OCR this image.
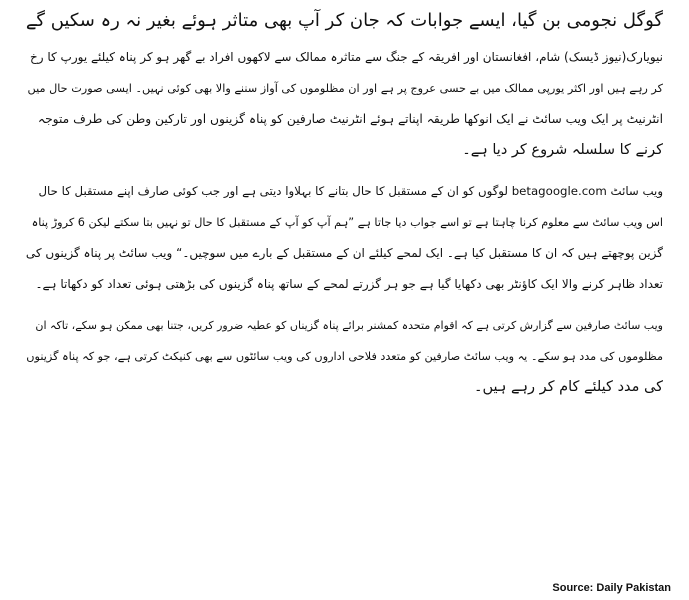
گوگل نجومی بن گیا، ایسے جوابات کہ جان کر آپ بھی متاثر ہوئے بغیر نہ رہ سکیں گے

نیویارک(نیوز ڈیسک) شام، افغانستان اور افریقہ کے جنگ سے متاثرہ ممالک سے لاکھوں افراد بے گھر ہو کر پناہ کیلئے یورپ کا رخ
کر رہے ہیں اور اکثر یورپی ممالک میں بے حسی عروج پر ہے اور ان مظلوموں کی آواز سننے والا بھی کوئی نہیں۔ ایسی صورت حال میں
انٹرنیٹ پر ایک ویب سائٹ نے ایک انوکھا طریقہ اپناتے ہوئے انٹرنیٹ صارفین کو پناہ گزینوں اور تارکین وطن کی طرف متوجہ
کرنے کا سلسلہ شروع کر دیا ہے۔

ویب سائٹ betagoogle.com لوگوں کو ان کے مستقبل کا حال بتانے کا بہلاوا دیتی ہے اور جب کوئی صارف اپنے مستقبل کا حال
اس ویب سائٹ سے معلوم کرنا چاہتا ہے تو اسے جواب دیا جاتا ہے ”ہم آپ کو آپ کے مستقبل کا حال تو نہیں بتا سکتے لیکن 6 کروڑ پناہ
گزین پوچھتے ہیں کہ ان کا مستقبل کیا ہے۔ ایک لمحے کیلئے ان کے مستقبل کے بارے میں سوچیں۔“ ویب سائٹ پر پناہ گزینوں کی
تعداد ظاہر کرنے والا ایک کاؤنٹر بھی دکھایا گیا ہے جو ہر گزرتے لمحے کے ساتھ پناہ گزینوں کی بڑھتی ہوئی تعداد کو دکھاتا ہے۔

ویب سائٹ صارفین سے گزارش کرتی ہے کہ اقوام متحدہ کمشنر برائے پناہ گزیناں کو عطیہ ضرور کریں، جتنا بھی ممکن ہو سکے، تاکہ ان
مظلوموں کی مدد ہو سکے۔ یہ ویب سائٹ صارفین کو متعدد فلاحی اداروں کی ویب سائٹوں سے بھی کنیکٹ کرتی ہے، جو کہ پناہ گزینوں
کی مدد کیلئے کام کر رہے ہیں۔

Source: Daily Pakistan
